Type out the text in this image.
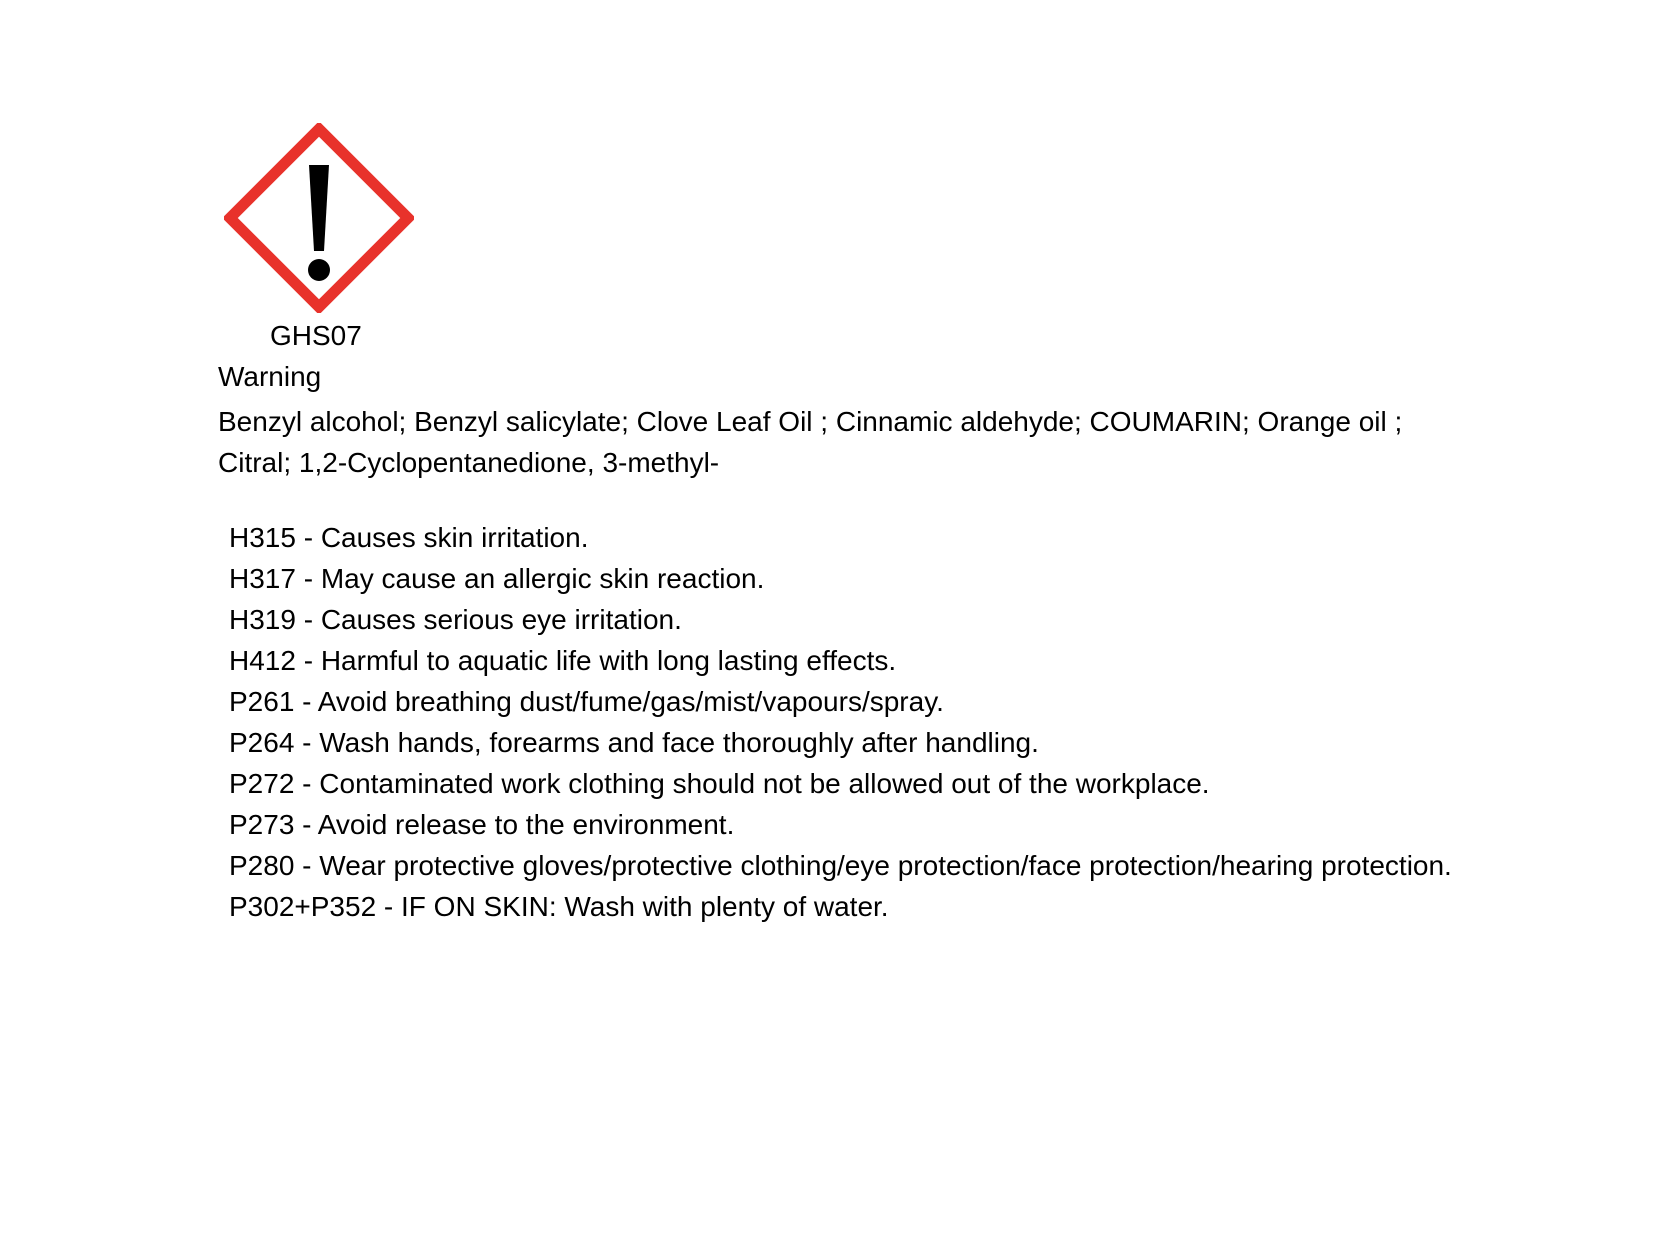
GHS07
Warning
Benzyl alcohol; Benzyl salicylate; Clove Leaf Oil ; Cinnamic aldehyde; COUMARIN; Orange oil ; Citral; 1,2-Cyclopentanedione, 3-methyl-
H315 - Causes skin irritation.
H317 - May cause an allergic skin reaction.
H319 - Causes serious eye irritation.
H412 - Harmful to aquatic life with long lasting effects.
P261 - Avoid breathing dust/fume/gas/mist/vapours/spray.
P264 - Wash hands, forearms and face thoroughly after handling.
P272 - Contaminated work clothing should not be allowed out of the workplace.
P273 - Avoid release to the environment.
P280 - Wear protective gloves/protective clothing/eye protection/face protection/hearing protection.
P302+P352 - IF ON SKIN: Wash with plenty of water.
